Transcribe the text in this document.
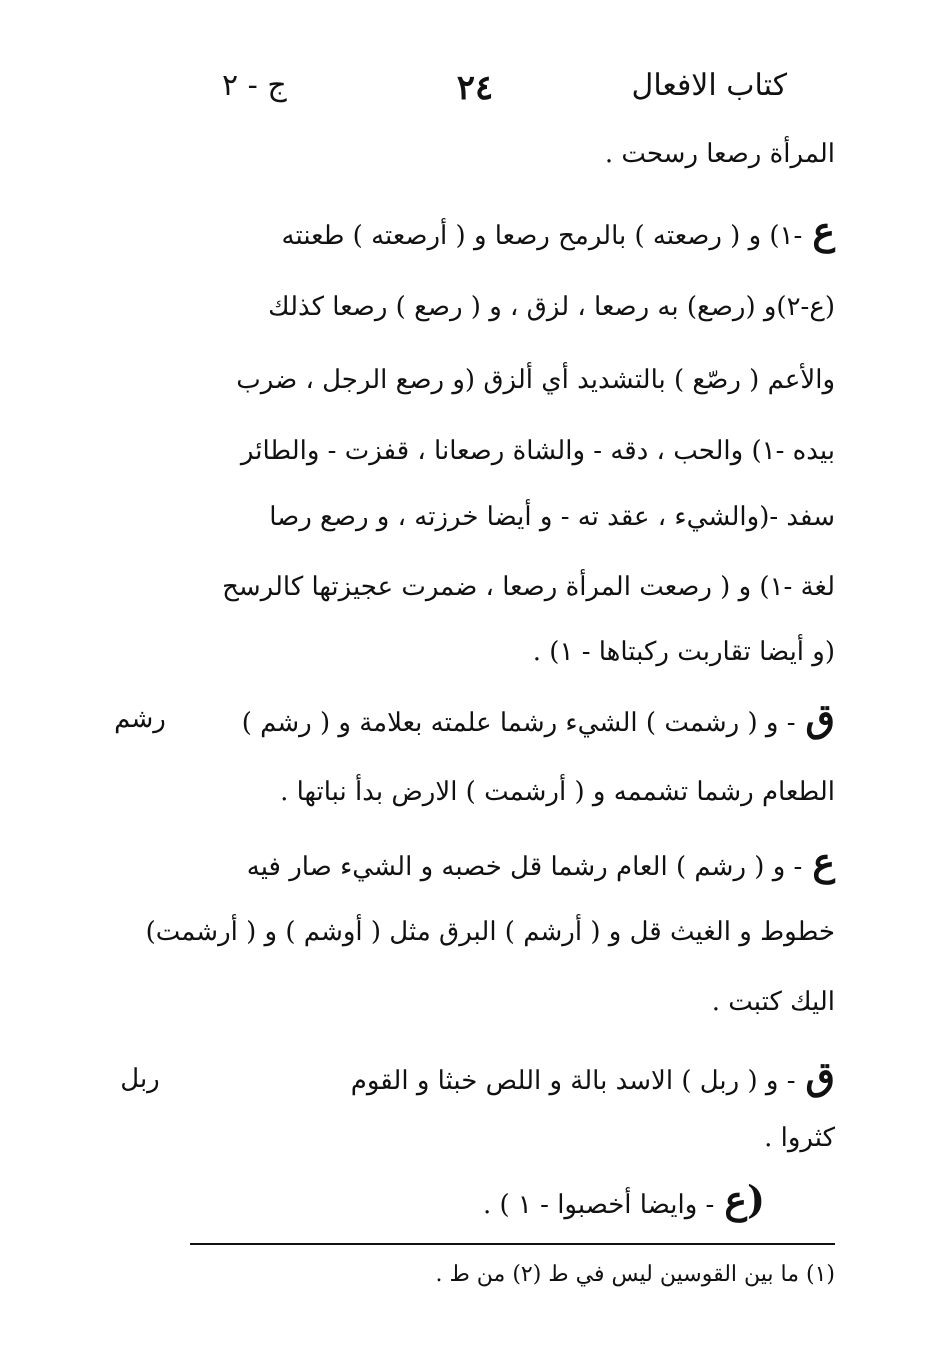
كتاب الافعال
٢٤
ج - ٢
المرأة رصعا رسحت .
ع-١) و ( رصعته ) بالرمح رصعا و ( أرصعته ) طعنته
(ع-٢)و (رصع) به رصعا ، لزق ، و ( رصع ) رصعا كذلك
والأعم ( رصّع ) بالتشديد أي ألزق (و رصع الرجل ، ضرب
بيده -١) والحب ، دقه - والشاة رصعانا ، قفزت - والطائر
سفد -(والشيء ، عقد ته - و أيضا خرزته ، و رصع رصا
لغة -١) و ( رصعت المرأة رصعا ، ضمرت عجيزتها كالرسح
(و أيضا تقاربت ركبتاها - ١) .
ق- و ( رشمت ) الشيء رشما علمته بعلامة و ( رشم )
رشم
الطعام رشما تشممه و ( أرشمت ) الارض بدأ نباتها .
ع- و ( رشم ) العام رشما قل خصبه و الشيء صار فيه
خطوط و الغيث قل و ( أرشم ) البرق مثل ( أوشم ) و ( أرشمت)
اليك كتبت .
ق- و ( ربل ) الاسد بالة و اللص خبثا و القوم
ربل
كثروا .
(ع- وايضا أخصبوا - ١ ) .
(١) ما بين القوسين ليس في ط (٢) من ط .
